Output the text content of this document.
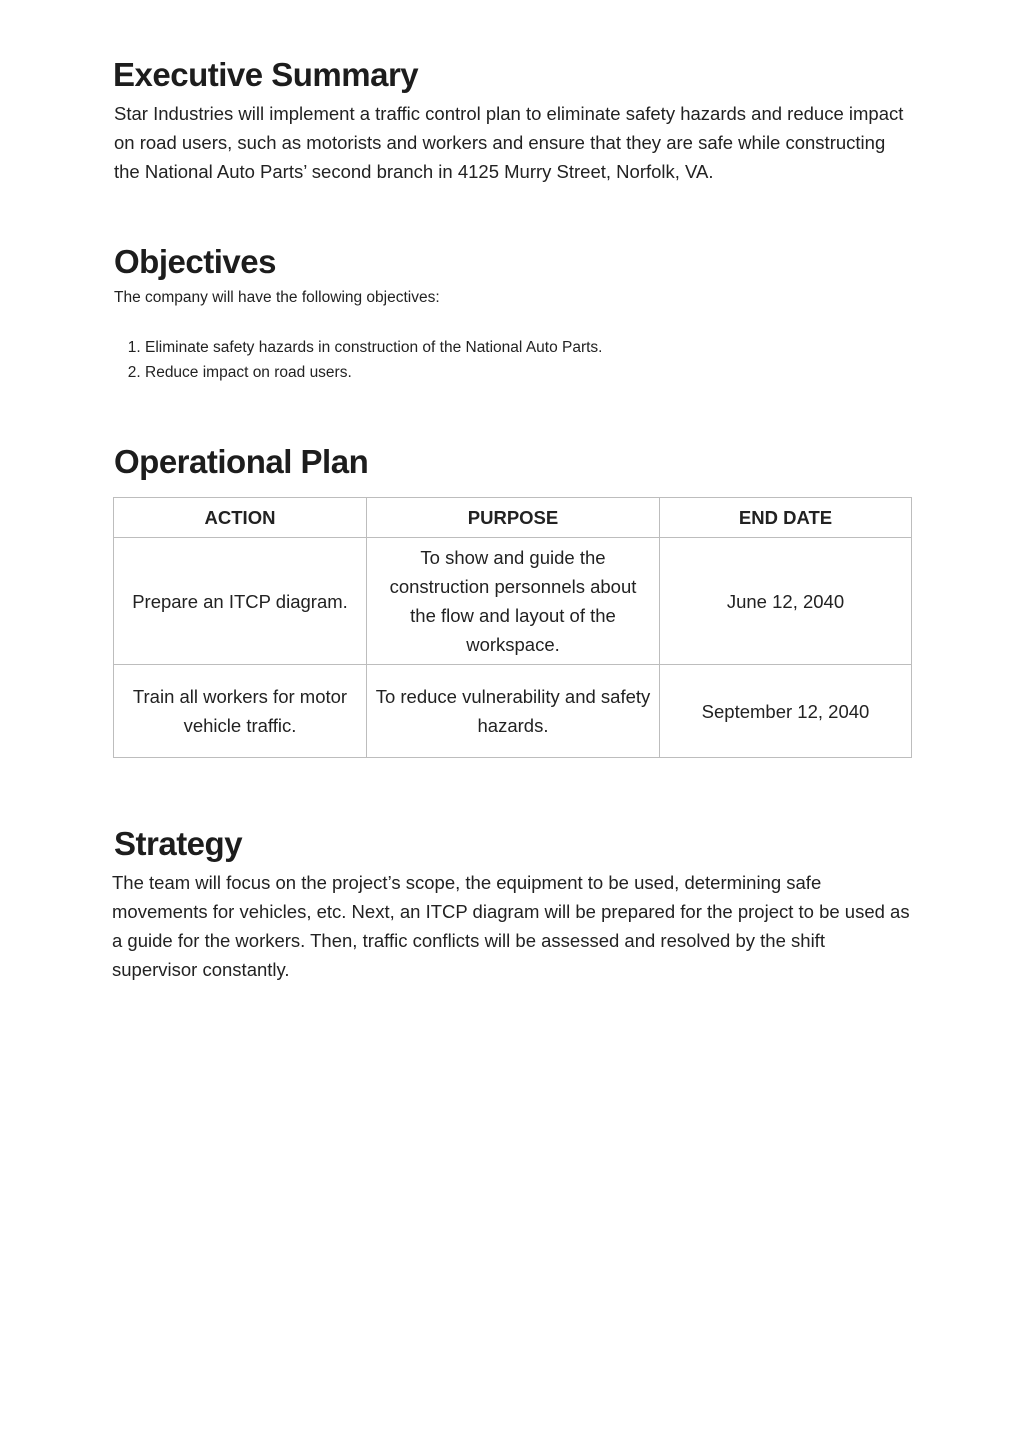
Executive Summary

Star Industries will implement a traffic control plan to eliminate safety hazards and reduce impact on road users, such as motorists and workers and ensure that they are safe while constructing the National Auto Parts’ second branch in 4125 Murry Street, Norfolk, VA.

Objectives

The company will have the following objectives:

1. Eliminate safety hazards in construction of the National Auto Parts.
2. Reduce impact on road users.
Operational Plan
ACTION	PURPOSE	END DATE
Prepare an ITCP diagram.	To show and guide the construction personnels about the flow and layout of the workspace.	June 12, 2040
Train all workers for motor vehicle traffic.	To reduce vulnerability and safety hazards.	September 12, 2040
Strategy

The team will focus on the project’s scope, the equipment to be used, determining safe movements for vehicles, etc. Next, an ITCP diagram will be prepared for the project to be used as a guide for the workers. Then, traffic conflicts will be assessed and resolved by the shift supervisor constantly.
